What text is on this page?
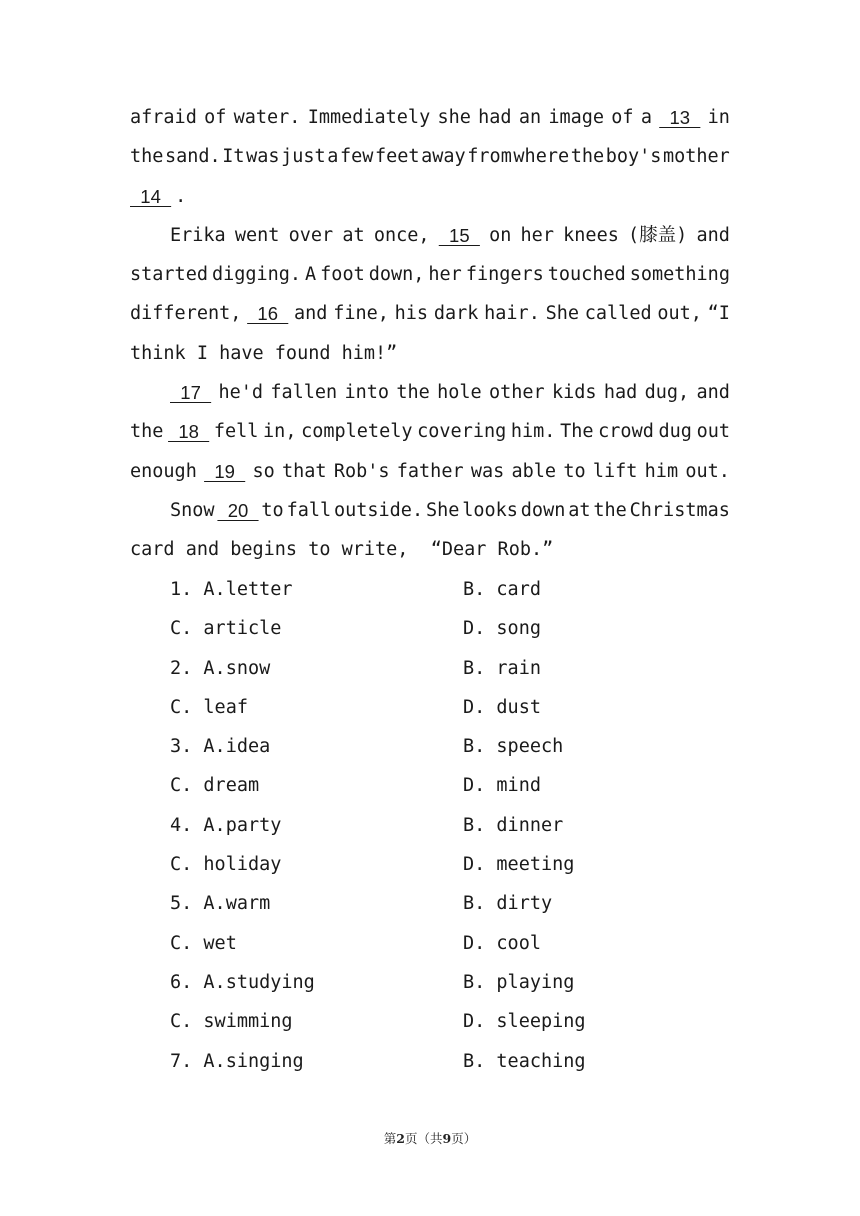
afraid of water. Immediately she had an image of a 13 in
the sand. It was just a few feet away from where the boy's mother
14 .
Erika went over at once, 15 on her knees (膝盖) and
started digging. A foot down, her fingers touched something
different, 16 and fine, his dark hair. She called out, “I
think I have found him!”
17 he'd fallen into the hole other kids had dug, and
the 18 fell in, completely covering him. The crowd dug out
enough 19 so that Rob's father was able to lift him out.
Snow 20 to fall outside. She looks down at the Christmas
card and begins to write,  “Dear Rob.”
1. A.letter	B. card
C. article	D. song
2. A.snow	B. rain
C. leaf	D. dust
3. A.idea	B. speech
C. dream	D. mind
4. A.party	B. dinner
C. holiday	D. meeting
5. A.warm	B. dirty
C. wet	D. cool
6. A.studying	B. playing
C. swimming	D. sleeping
7. A.singing	B. teaching
第2页（共9页）
